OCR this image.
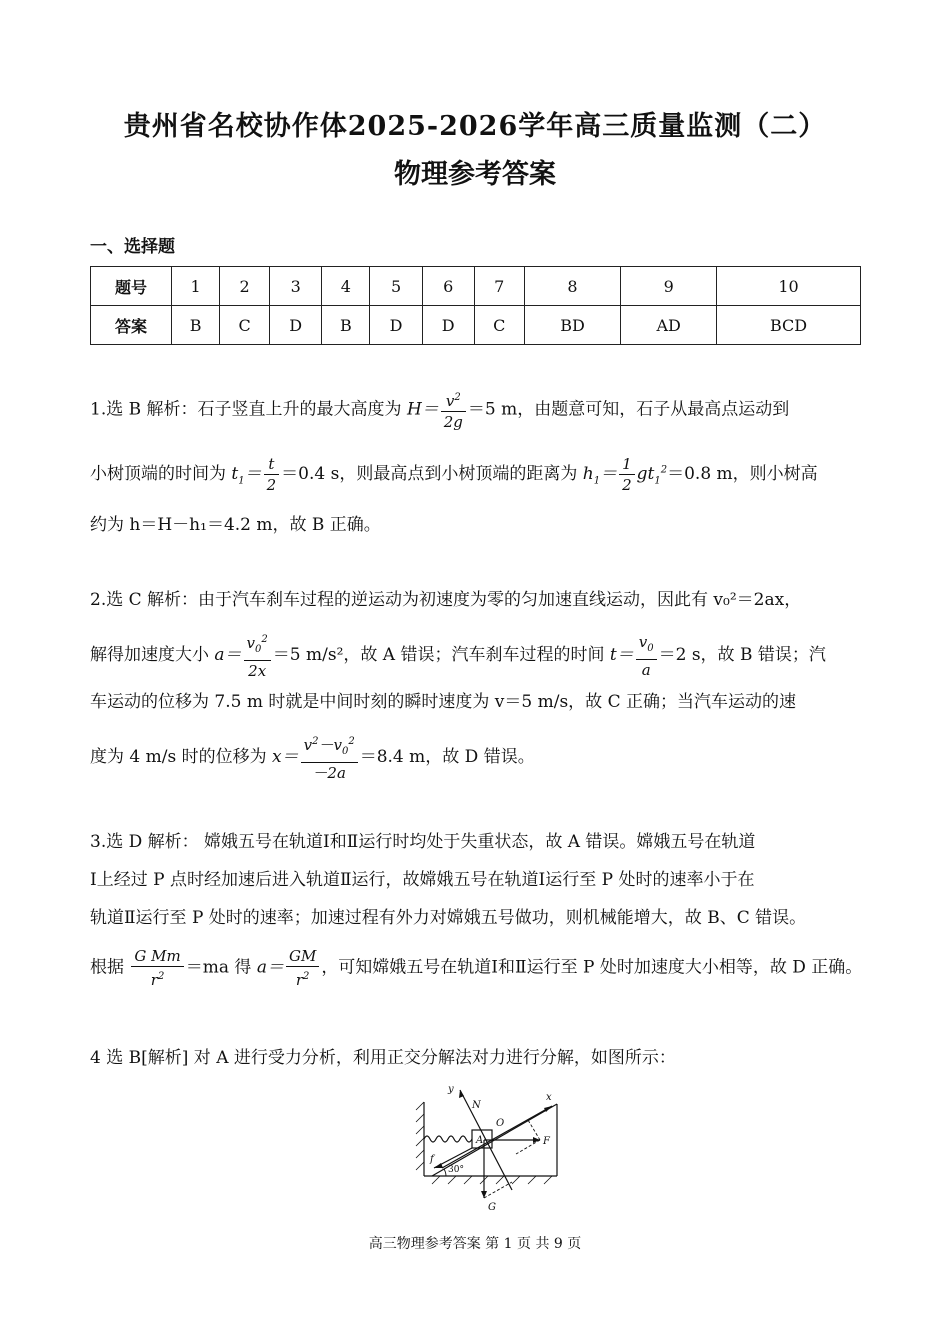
贵州省名校协作体2025-2026学年高三质量监测（二）
物理参考答案
一、选择题
题号	1	2	3	4	5	6	7	8	9	10
答案	B	C	D	B	D	D	C	BD	AD	BCD
1.选 B 解析：石子竖直上升的最大高度为 $H= \frac{v^2}{2g} =5$ m，由题意可知，石子从最高点运动到
小树顶端的时间为 $t_1= \frac{t}{2} =0.4$ s，则最高点到小树顶端的距离为 $h_1= \frac{1}{2} gt_1^2=0.8$ m，则小树高
约为 h＝H－h₁＝4.2 m，故 B 正确。
2.选 C 解析：由于汽车刹车过程的逆运动为初速度为零的匀加速直线运动，因此有 v₀²＝2ax，
解得加速度大小 $a= \frac{v_0^2}{2x} =5$ m/s²，故 A 错误；汽车刹车过程的时间 $t= \frac{v_0}{a} =2$ s，故 B 错误；汽
车运动的位移为 7.5 m 时就是中间时刻的瞬时速度为 v＝5 m/s，故 C 正确；当汽车运动的速
度为 4 m/s 时的位移为 $x= \frac{v^2-v_0^2}{-2a} =8.4$ m，故 D 错误。
3.选 D 解析： 嫦娥五号在轨道Ⅰ和Ⅱ运行时均处于失重状态，故 A 错误。嫦娥五号在轨道
Ⅰ上经过 P 点时经加速后进入轨道Ⅱ运行，故嫦娥五号在轨道Ⅰ运行至 P 处时的速率小于在
轨道Ⅱ运行至 P 处时的速率；加速过程有外力对嫦娥五号做功，则机械能增大，故 B、C 错误。
根据 $\frac{\text{G Mm}}{r^2} =ma$ 得 $a= \frac{GM}{r^2}$ ，可知嫦娥五号在轨道Ⅰ和Ⅱ运行至 P 处时加速度大小相等，故 D 正确。
4 选 B[解析] 对 A 进行受力分析，利用正交分解法对力进行分解，如图所示：
y
N
x
O
A	F
f
30°
G
高三物理参考答案 第 1 页 共 9 页
